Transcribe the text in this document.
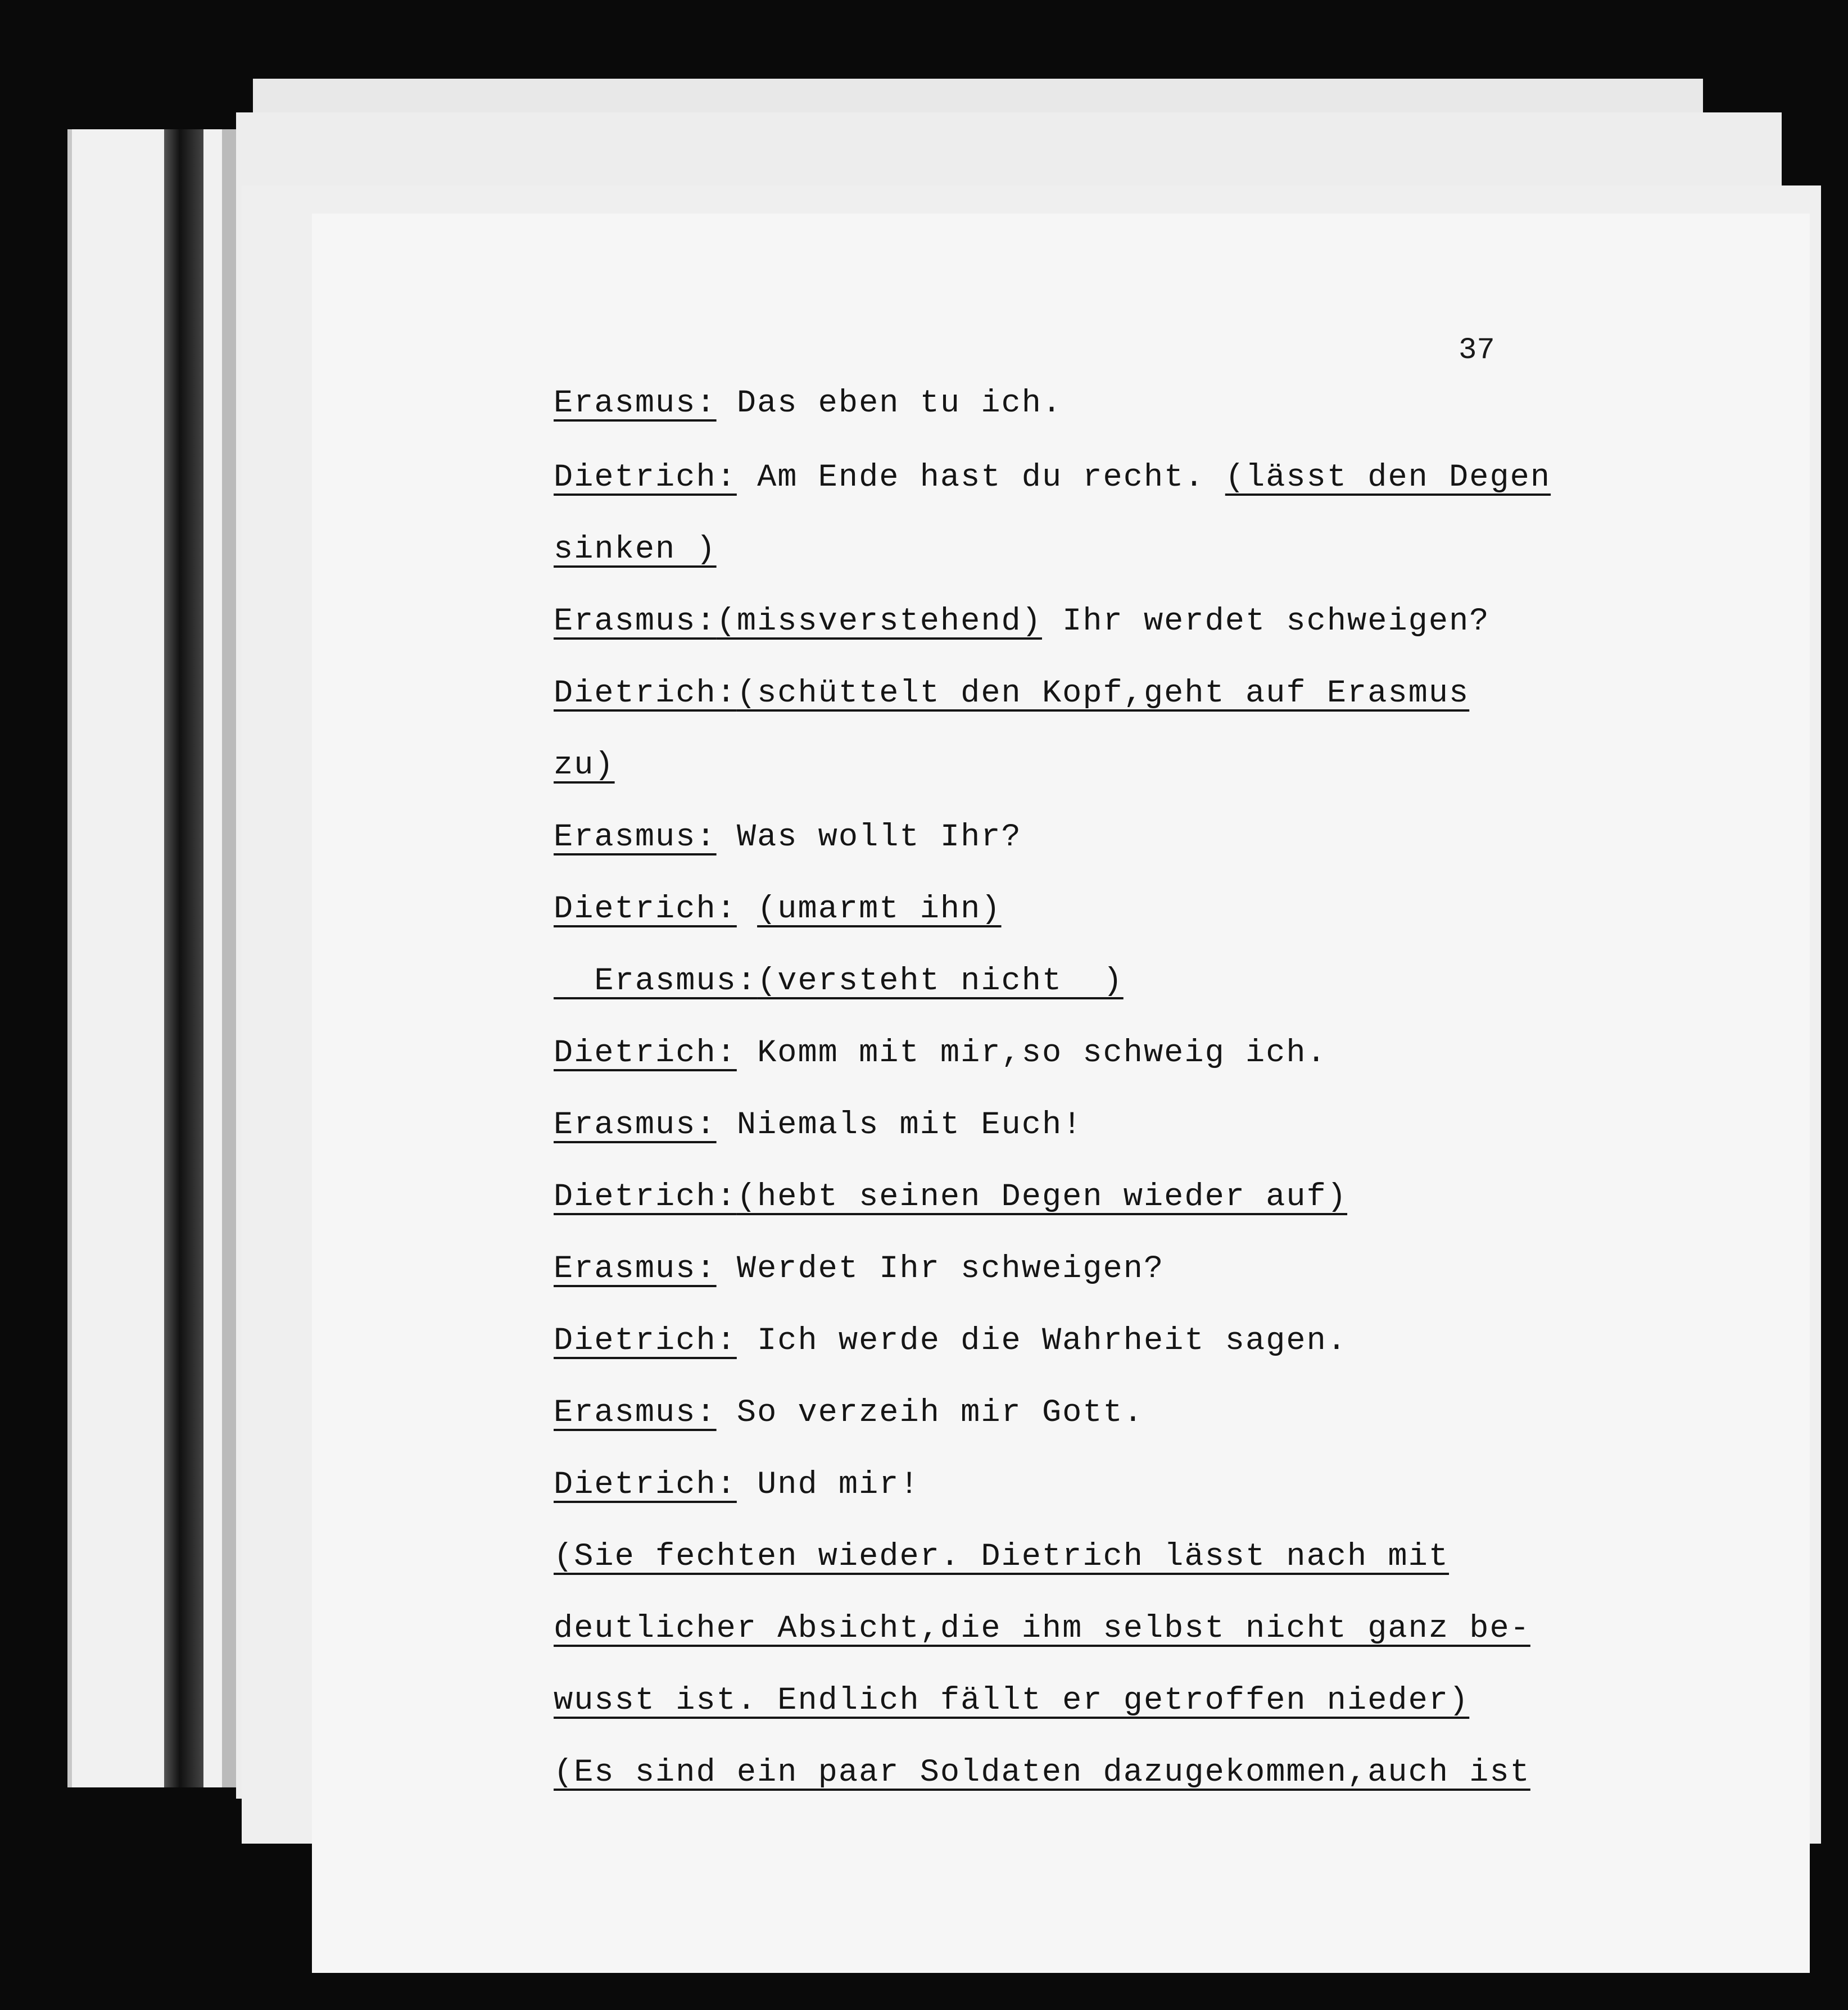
37
Erasmus: Das eben tu ich.
Dietrich: Am Ende hast du recht. (lässt den Degen
sinken )
Erasmus:(missverstehend) Ihr werdet schweigen?
Dietrich:(schüttelt den Kopf,geht auf Erasmus
zu)
Erasmus: Was wollt Ihr?
Dietrich: (umarmt ihn)
Erasmus:(versteht nicht  )
Dietrich: Komm mit mir,so schweig ich.
Erasmus: Niemals mit Euch!
Dietrich:(hebt seinen Degen wieder auf)
Erasmus: Werdet Ihr schweigen?
Dietrich: Ich werde die Wahrheit sagen.
Erasmus: So verzeih mir Gott.
Dietrich: Und mir!
(Sie fechten wieder. Dietrich lässt nach mit
deutlicher Absicht,die ihm selbst nicht ganz be-
wusst ist. Endlich fällt er getroffen nieder)
(Es sind ein paar Soldaten dazugekommen,auch ist
